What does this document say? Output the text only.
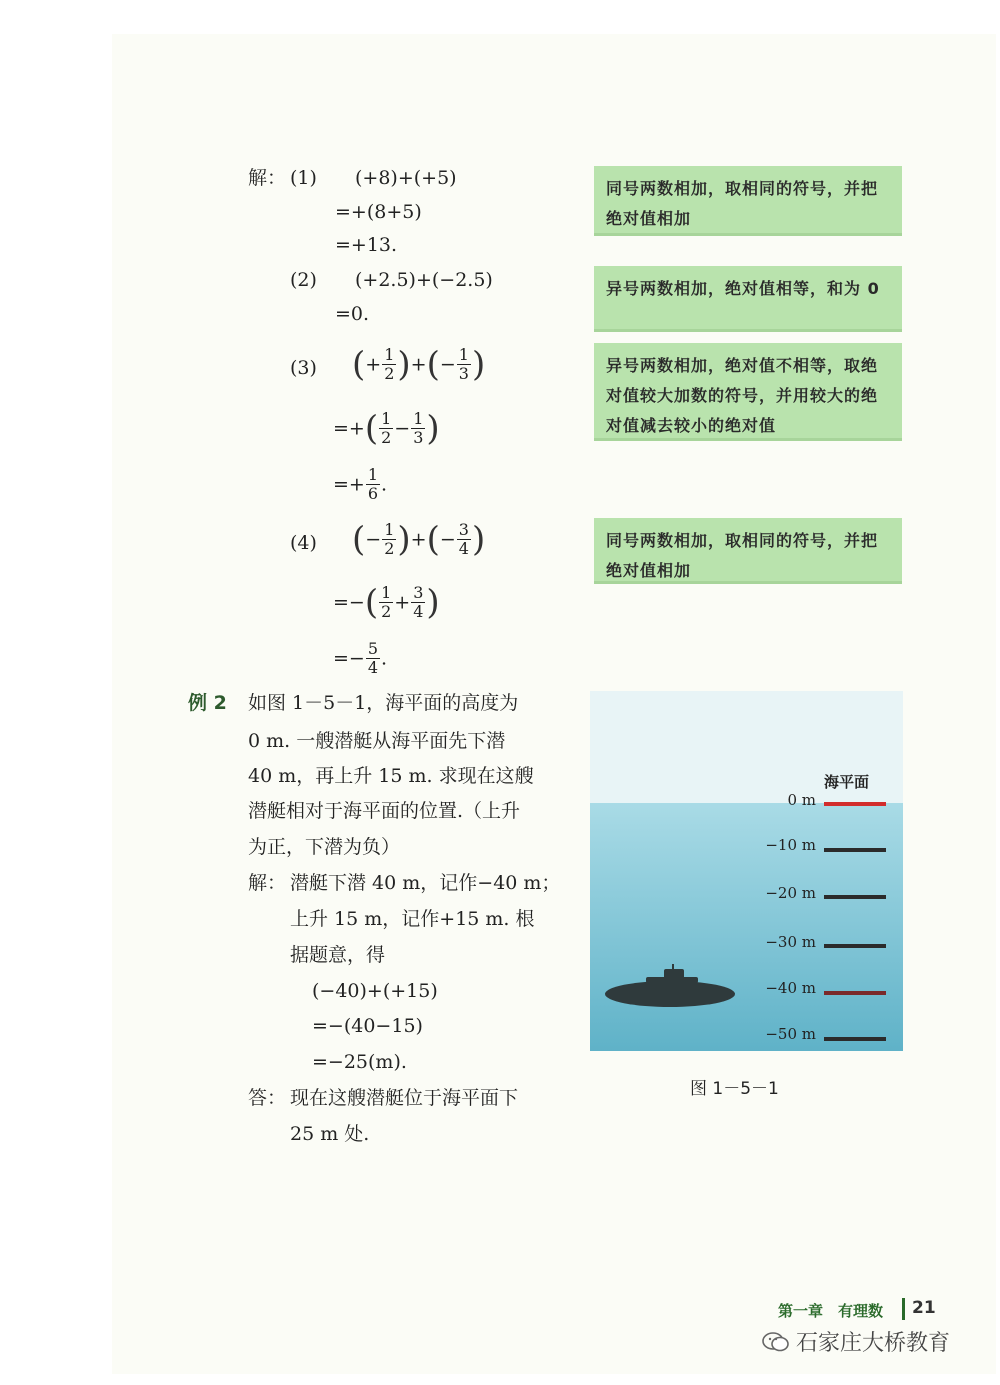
解： (1) (+8)+(+5)
=+(8+5)
=+13.
(2) (+2.5)+(−2.5)
=0.
(3) (+ $\frac{1}{2}$ )+(− $\frac{1}{3}$ )
=+( $\frac{1}{2} - \frac{1}{3}$ )
=+ $\frac{1}{6}$ .
(4) (− $\frac{1}{2}$ )+(− $\frac{3}{4}$ )
=−( $\frac{1}{2} + \frac{3}{4}$ )
=− $\frac{5}{4}$ .
同号两数相加，取相同的符号，并把绝对值相加
异号两数相加，绝对值相等，和为 0
异号两数相加，绝对值不相等，取绝对值较大加数的符号，并用较大的绝对值减去较小的绝对值
同号两数相加，取相同的符号，并把绝对值相加
例 2 如图 1－5－1，海平面的高度为
0 m. 一艘潜艇从海平面先下潜
40 m，再上升 15 m. 求现在这艘
潜艇相对于海平面的位置.（上升
为正，下潜为负）
解： 潜艇下潜 40 m，记作−40 m；
上升 15 m，记作+15 m. 根
据题意，得
(−40)+(+15)
=−(40−15)
=−25(m).
答： 现在这艘潜艇位于海平面下
25 m 处.
海平面
0 m
−10 m
−20 m
−30 m
−40 m
−50 m
图 1－5－1
第一章　有理数 21
石家庄大桥教育
